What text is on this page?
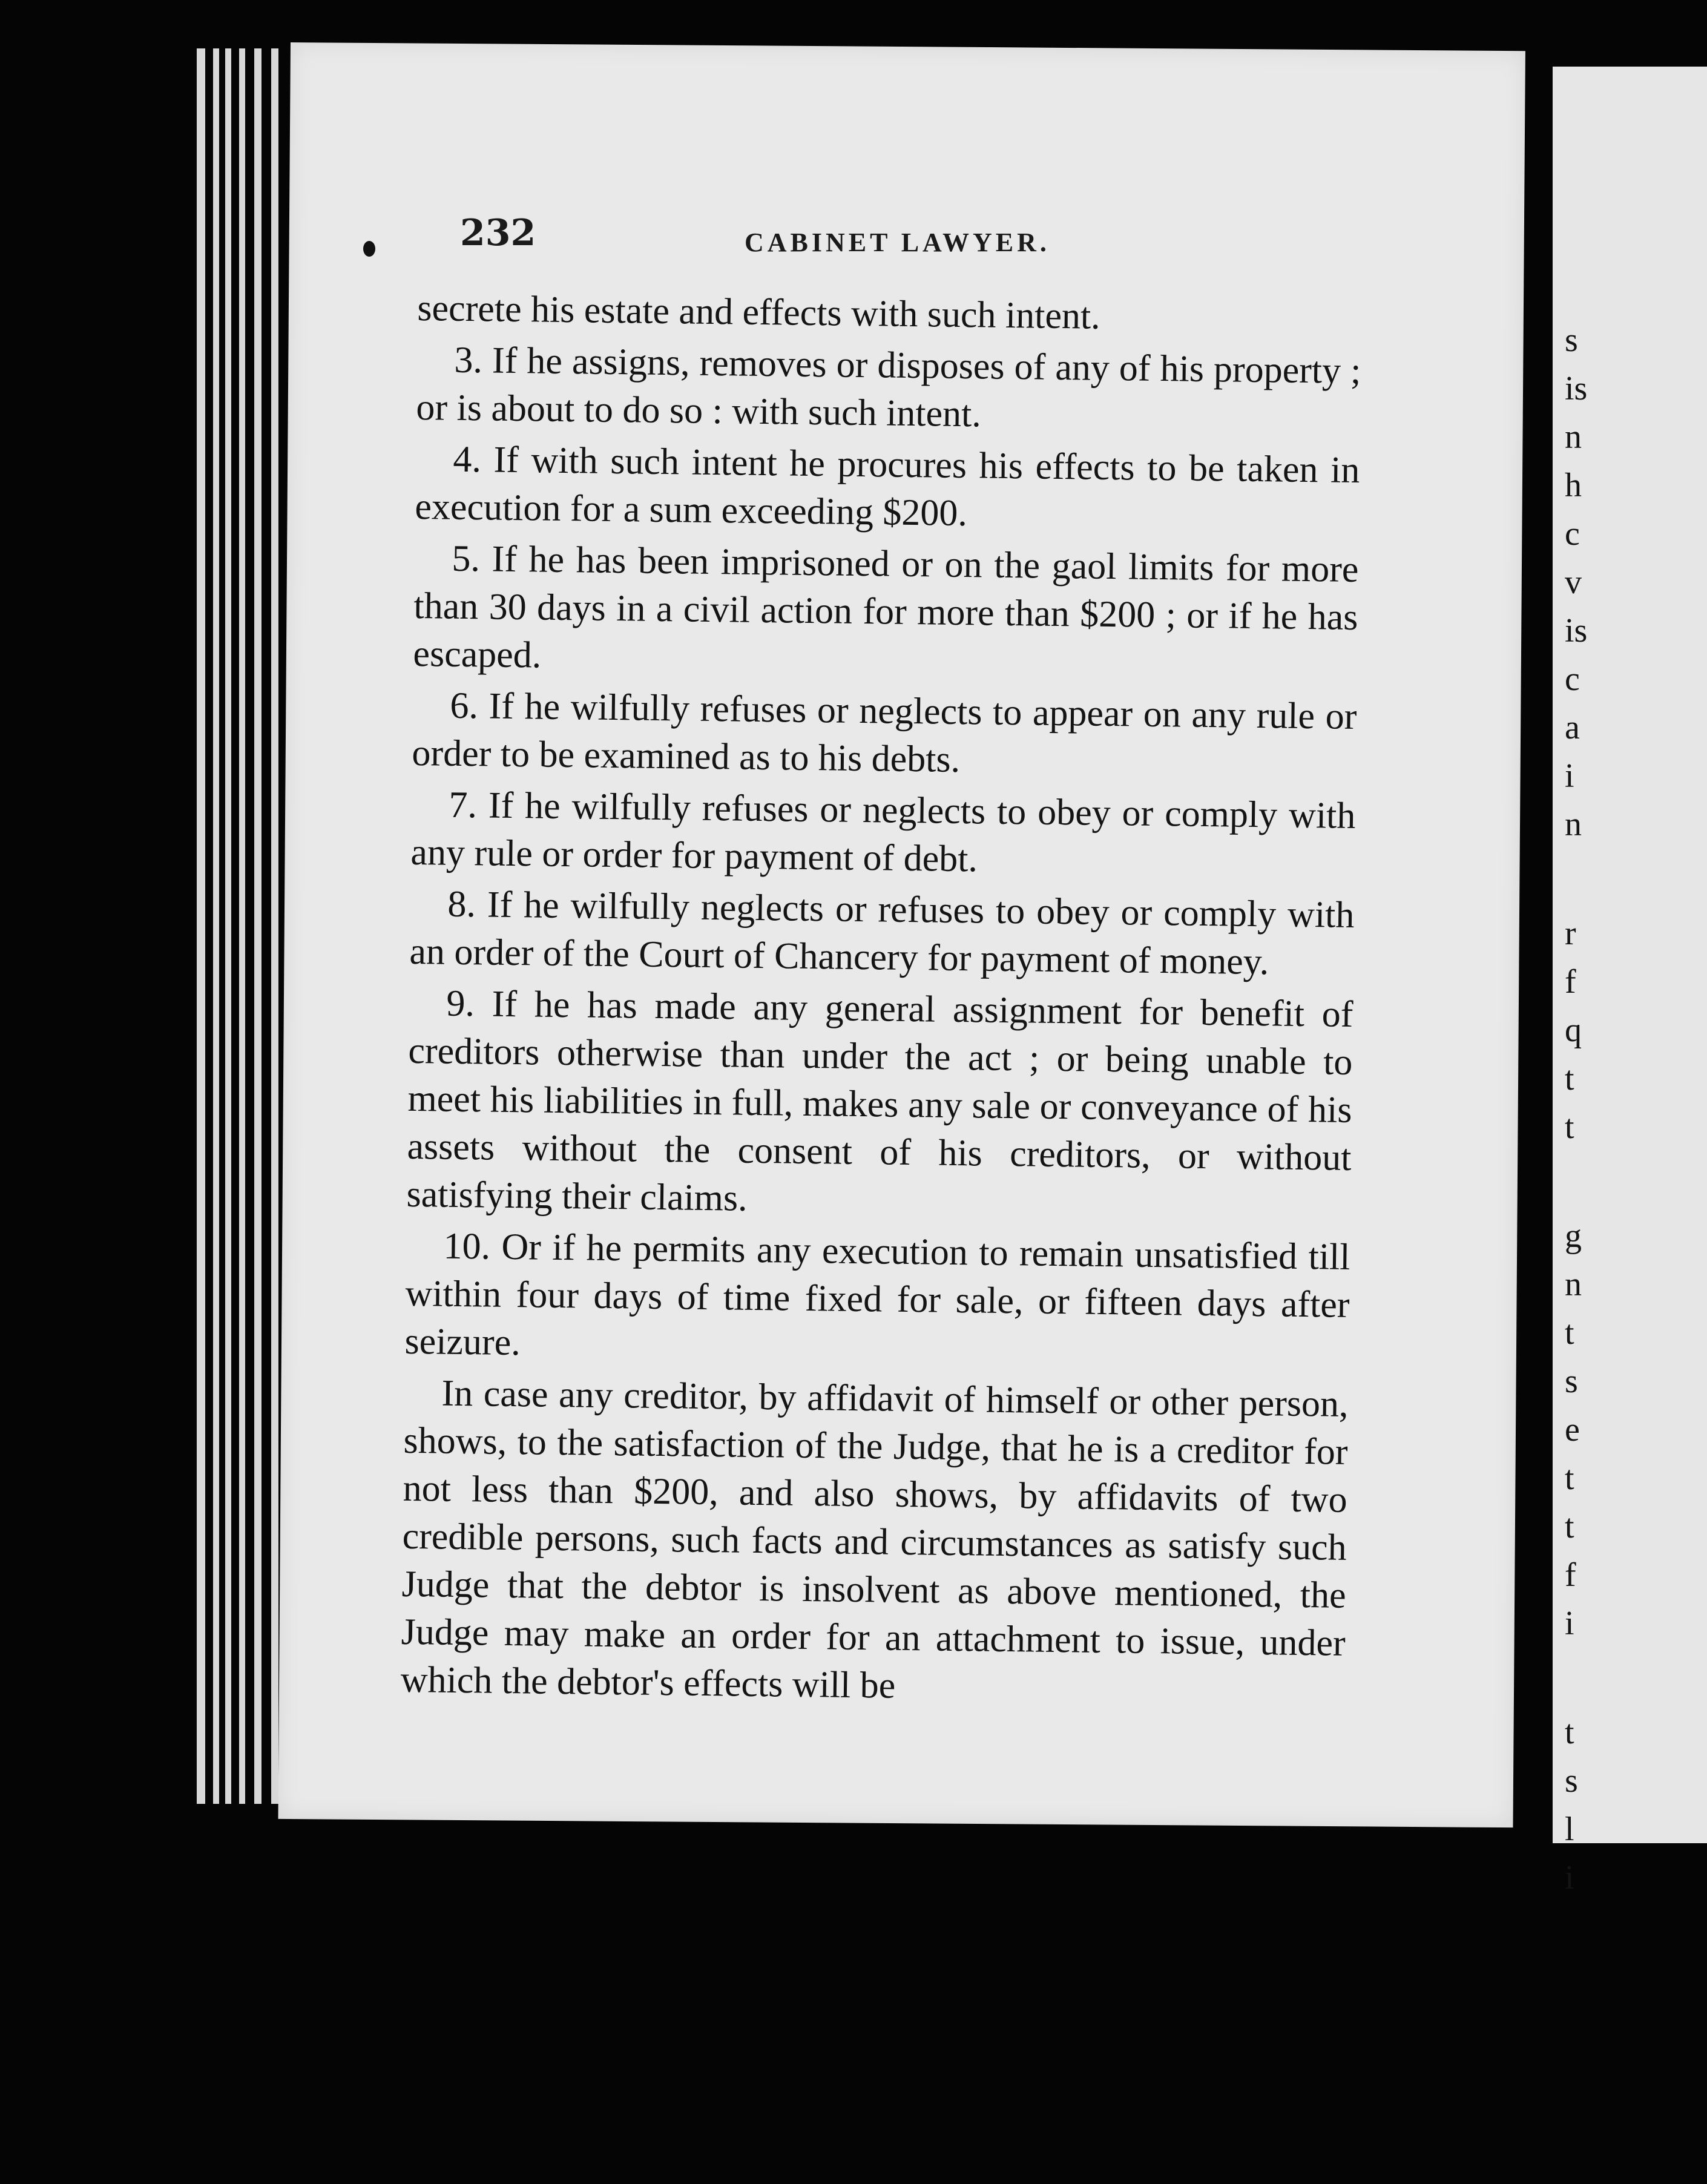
232	CABINET LAWYER.

secrete his estate and effects with such intent.

3. If he assigns, removes or disposes of any of his property ; or is about to do so : with such intent.

4. If with such intent he procures his effects to be taken in execution for a sum exceeding $200.

5. If he has been imprisoned or on the gaol limits for more than 30 days in a civil action for more than $200 ; or if he has escaped.

6. If he wilfully refuses or neglects to appear on any rule or order to be examined as to his debts.

7. If he wilfully refuses or neglects to obey or comply with any rule or order for payment of debt.

8. If he wilfully neglects or refuses to obey or comply with an order of the Court of Chancery for payment of money.

9. If he has made any general assignment for benefit of creditors otherwise than under the act ; or being unable to meet his liabilities in full, makes any sale or conveyance of his assets without the consent of his creditors, or without satisfying their claims.

10. Or if he permits any execution to remain unsatisfied till within four days of time fixed for sale, or fifteen days after seizure.

In case any creditor, by affidavit of himself or other person, shows, to the satisfaction of the Judge, that he is a creditor for not less than $200, and also shows, by affidavits of two credible persons, such facts and circumstances as satisfy such Judge that the debtor is insolvent as above mentioned, the Judge may make an order for an attachment to issue, under which the debtor's effects will be

s
is
n
h
c
v
is
c
a
i
n
r
f
q
t
t
g
n
t
s
e
t
t
f
i
t
s
l
i
